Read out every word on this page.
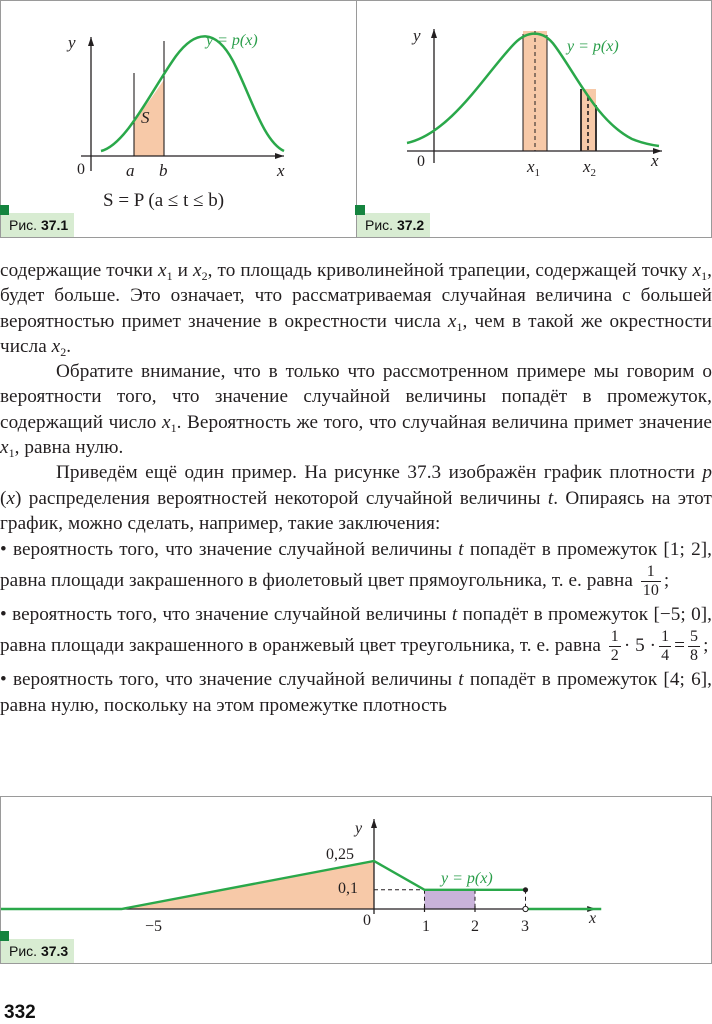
y
x
0 a b
S
y = p(x)
S = P (a ≤ t ≤ b)
Рис. 37.1
y
x
0	$x_1$	$x_2$
y = p(x)
Рис. 37.2

содержащие точки $x_1$ и $x_2$, то площадь криволинейной трапеции, содержащей точку $x_1$, будет больше. Это означает, что рассматриваемая случайная величина с большей вероятностью примет значение в окрестности числа $x_1$, чем в такой же окрестности числа $x_2$.

Обратите внимание, что в только что рассмотренном примере мы говорим о вероятности того, что значение случайной величины попадёт в промежуток, содержащий число $x_1$. Вероятность же того, что случайная величина примет значение $x_1$, равна нулю.

Приведём ещё один пример. На рисунке 37.3 изображён график плотности p (x) распределения вероятностей некоторой случайной величины t. Опираясь на этот график, можно сделать, например, такие заключения:

• вероятность того, что значение случайной величины t попадёт в промежуток [1; 2], равна площади закрашенного в фиолетовый цвет прямоугольника, т. е. равна $\frac{1}{10}$ ;

• вероятность того, что значение случайной величины t попадёт в промежуток [−5; 0], равна площади закрашенного в оранжевый цвет треугольника, т. е. равна $\frac{1}{2} \cdot 5 \cdot \frac{1}{4} = \frac{5}{8}$ ;

• вероятность того, что значение случайной величины t попадёт в промежуток [4; 6], равна нулю, поскольку на этом промежутке плотность

y
x
0,25
0,1
−5	0	1	2	3
y = p(x)
Рис. 37.3
332
